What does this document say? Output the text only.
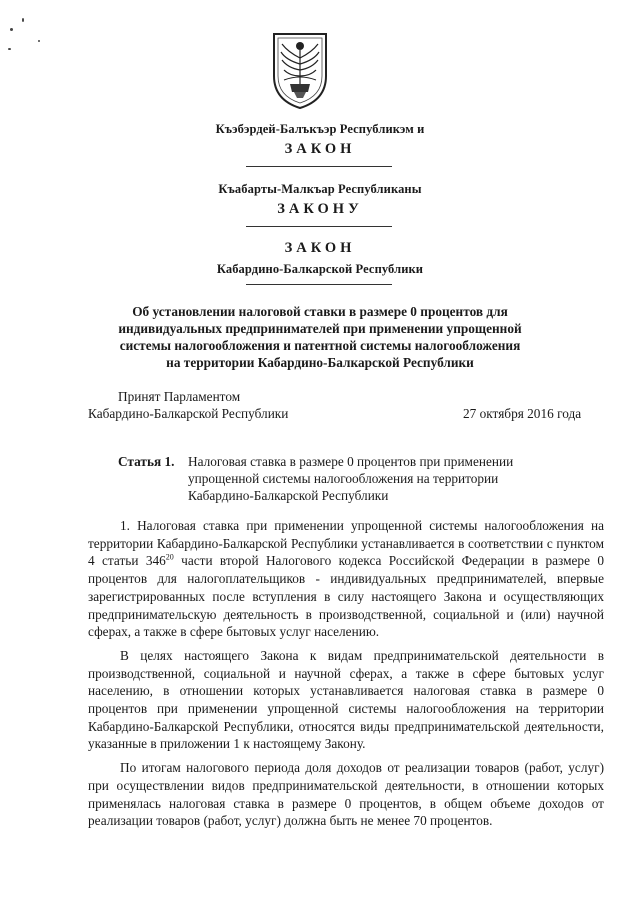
Къэбэрдей-Балъкъэр Республикэм и
ЗАКОН
Къабарты-Малкъар Республиканы
ЗАКОНУ
ЗАКОН
Кабардино-Балкарской Республики
Об установлении налоговой ставки в размере 0 процентов для
индивидуальных предпринимателей при применении упрощенной
системы налогообложения и патентной системы налогообложения
на территории Кабардино-Балкарской Республики
Принят Парламентом
Кабардино-Балкарской Республики	27 октября 2016 года
Статья 1. Налоговая ставка в размере 0 процентов при применении
упрощенной системы налогообложения на территории
Кабардино-Балкарской Республики

1. Налоговая ставка при применении упрощенной системы налогообложения на территории Кабардино-Балкарской Республики устанавливается в соответствии с пунктом 4 статьи $346^{20}$ части второй Налогового кодекса Российской Федерации в размере 0 процентов для налогоплательщиков - индивидуальных предпринимателей, впервые зарегистрированных после вступления в силу настоящего Закона и осуществляющих предпринимательскую деятельность в производственной, социальной и (или) научной сферах, а также в сфере бытовых услуг населению.

В целях настоящего Закона к видам предпринимательской деятельности в производственной, социальной и научной сферах, а также в сфере бытовых услуг населению, в отношении которых устанавливается налоговая ставка в размере 0 процентов при применении упрощенной системы налогообложения на территории Кабардино-Балкарской Республики, относятся виды предпринимательской деятельности, указанные в приложении 1 к настоящему Закону.

По итогам налогового периода доля доходов от реализации товаров (работ, услуг) при осуществлении видов предпринимательской деятельности, в отношении которых применялась налоговая ставка в размере 0 процентов, в общем объеме доходов от реализации товаров (работ, услуг) должна быть не менее 70 процентов.
